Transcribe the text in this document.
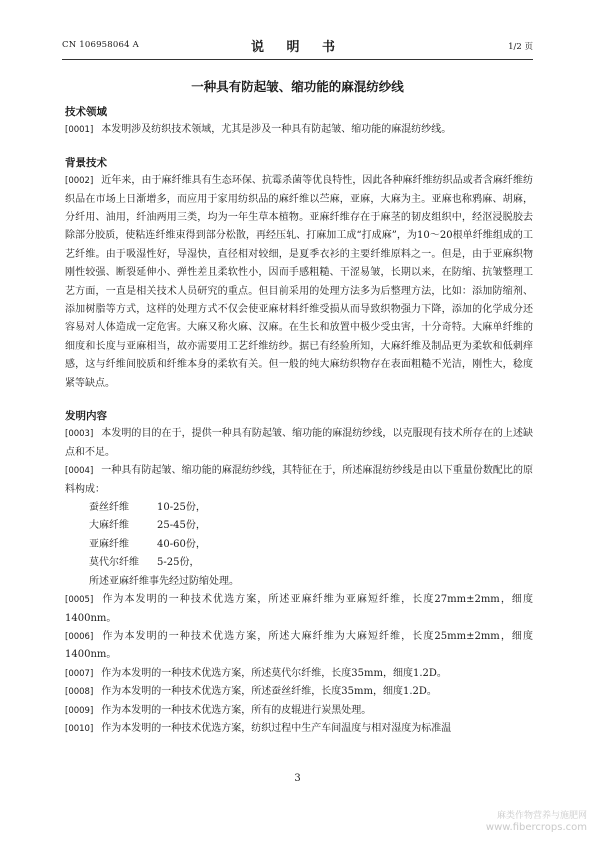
CN 106958064 A	说 明 书	1/2 页
一种具有防起皱、缩功能的麻混纺纱线
技术领域

[0001] 本发明涉及纺织技术领域，尤其是涉及一种具有防起皱、缩功能的麻混纺纱线。

背景技术

[0002] 近年来，由于麻纤维具有生态环保、抗霉杀菌等优良特性，因此各种麻纤维纺织品或者含麻纤维纺织品在市场上日渐增多，而应用于家用纺织品的麻纤维以苎麻，亚麻，大麻为主。亚麻也称鸦麻、胡麻，分纤用、油用，纤油两用三类，均为一年生草本植物。亚麻纤维存在于麻茎的韧皮组织中，经沤浸脱胶去除部分胶质，使粘连纤维束得到部分松散，再经压轧、打麻加工成“打成麻”，为10～20根单纤维组成的工艺纤维。由于吸湿性好，导湿快，直径相对较细，是夏季衣衫的主要纤维原料之一。但是，由于亚麻织物刚性较强、断裂延伸小、弹性差且柔软性小，因而手感粗糙、干涩易皱，长期以来，在防缩、抗皱整理工艺方面，一直是相关技术人员研究的重点。但目前采用的处理方法多为后整理方法，比如：添加防缩剂、添加树脂等方式，这样的处理方式不仅会使亚麻材料纤维受损从而导致织物强力下降，添加的化学成分还容易对人体造成一定危害。大麻又称火麻、汉麻。在生长和放置中极少受虫害，十分奇特。大麻单纤维的细度和长度与亚麻相当，故亦需要用工艺纤维纺纱。据已有经验所知，大麻纤维及制品更为柔软和低刺痒感，这与纤维间胶质和纤维本身的柔软有关。但一般的纯大麻纺织物存在表面粗糙不光洁，刚性大，稔度紧等缺点。

发明内容

[0003] 本发明的目的在于，提供一种具有防起皱、缩功能的麻混纺纱线，以克服现有技术所存在的上述缺点和不足。

[0004] 一种具有防起皱、缩功能的麻混纺纱线，其特征在于，所述麻混纺纱线是由以下重量份数配比的原料构成：

蚕丝纤维	10-25份，
大麻纤维	25-45份，
亚麻纤维	40-60份，
莫代尔纤维 5-25份，
所述亚麻纤维事先经过防缩处理。

[0005] 作为本发明的一种技术优选方案，所述亚麻纤维为亚麻短纤维，长度27mm±2mm，细度1400nm。

[0006] 作为本发明的一种技术优选方案，所述大麻纤维为大麻短纤维，长度25mm±2mm，细度1400nm。

[0007] 作为本发明的一种技术优选方案，所述莫代尔纤维，长度35mm，细度1.2D。

[0008] 作为本发明的一种技术优选方案，所述蚕丝纤维，长度35mm，细度1.2D。

[0009] 作为本发明的一种技术优选方案，所有的皮辊进行炭黑处理。

[0010] 作为本发明的一种技术优选方案，纺织过程中生产车间温度与相对湿度为标准温

3
麻类作物营养与施肥网
www.fibercrops.com
